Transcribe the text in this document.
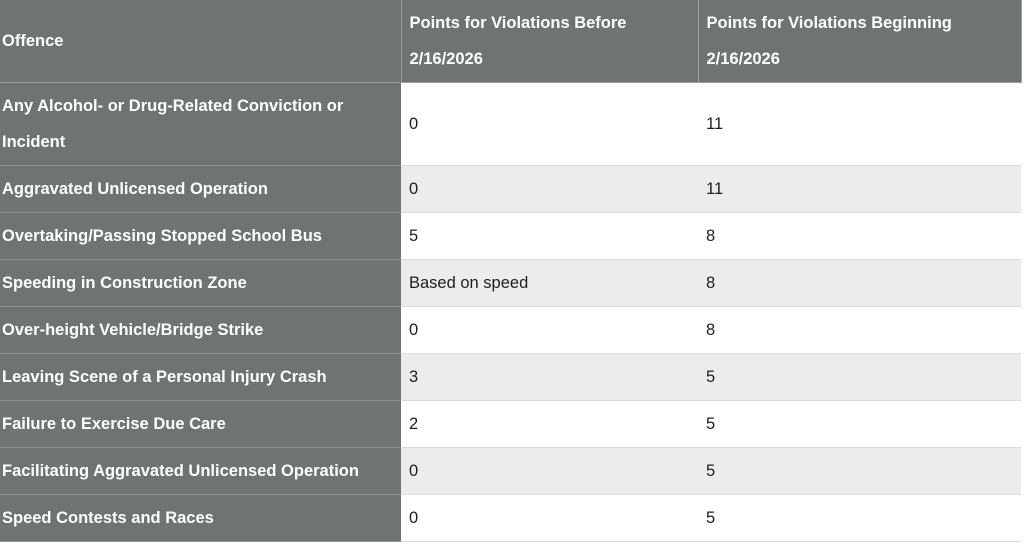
Offence	Points for Violations Before 2/16/2026	Points for Violations Beginning 2/16/2026
Any Alcohol- or Drug-Related Conviction or Incident	0	11
Aggravated Unlicensed Operation	0	11
Overtaking/Passing Stopped School Bus	5	8
Speeding in Construction Zone	Based on speed	8
Over-height Vehicle/Bridge Strike	0	8
Leaving Scene of a Personal Injury Crash	3	5
Failure to Exercise Due Care	2	5
Facilitating Aggravated Unlicensed Operation	0	5
Speed Contests and Races	0	5
